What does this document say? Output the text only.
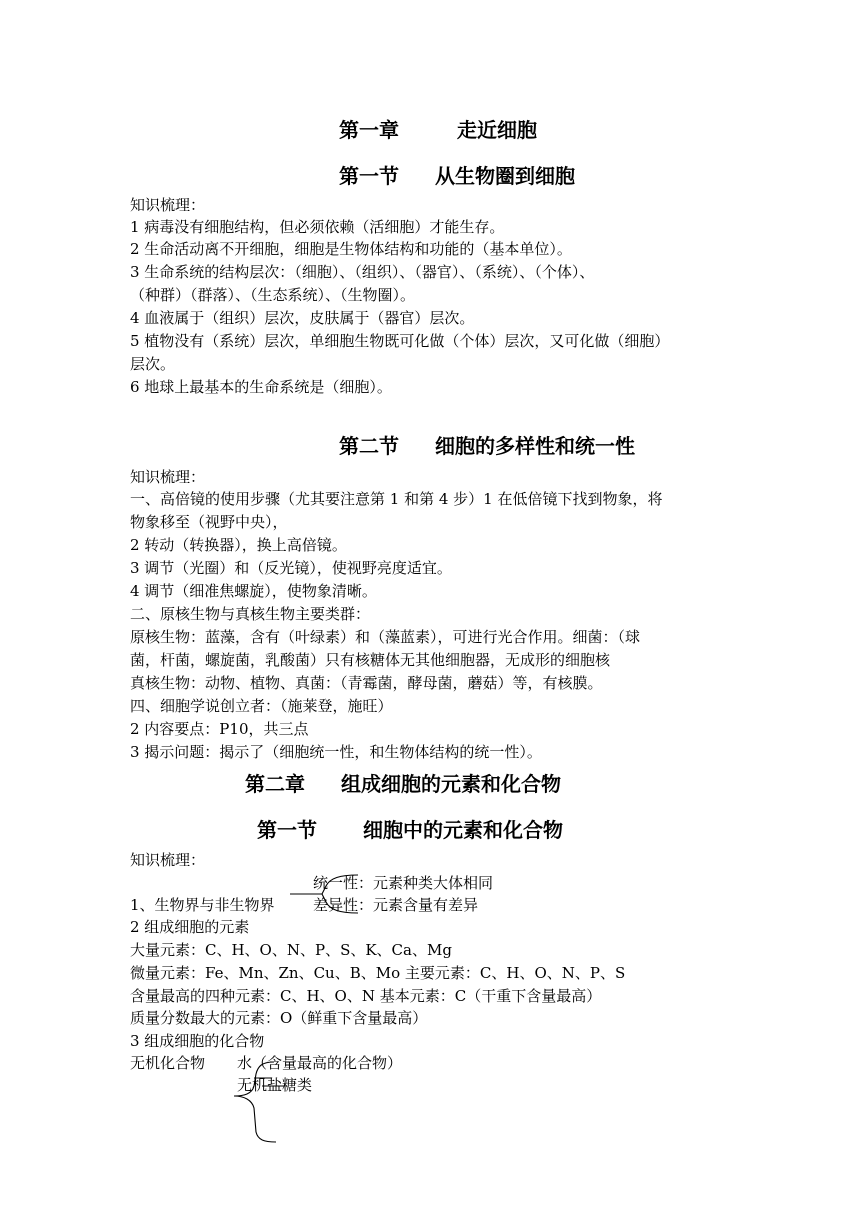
第一章	走近细胞
第一节 从生物圈到细胞
知识梳理：
1 病毒没有细胞结构，但必须依赖（活细胞）才能生存。
2 生命活动离不开细胞，细胞是生物体结构和功能的（基本单位）。
3 生命系统的结构层次：（细胞）、（组织）、（器官）、（系统）、（个体）、
（种群）（群落）、（生态系统）、（生物圈）。
4 血液属于（组织）层次，皮肤属于（器官）层次。
5 植物没有（系统）层次，单细胞生物既可化做（个体）层次，又可化做（细胞）
层次。
6 地球上最基本的生命系统是（细胞）。
第二节 细胞的多样性和统一性
知识梳理：
一、高倍镜的使用步骤（尤其要注意第 1 和第 4 步）1 在低倍镜下找到物象，将
物象移至（视野中央），
2 转动（转换器），换上高倍镜。
3 调节（光圈）和（反光镜），使视野亮度适宜。
4 调节（细准焦螺旋），使物象清晰。
二、原核生物与真核生物主要类群：
原核生物：蓝藻，含有（叶绿素）和（藻蓝素），可进行光合作用。细菌：（球
菌，杆菌，螺旋菌，乳酸菌）只有核糖体无其他细胞器，无成形的细胞核
真核生物：动物、植物、真菌：（青霉菌，酵母菌，蘑菇）等，有核膜。
四、细胞学说创立者：（施莱登，施旺）
2 内容要点：P10，共三点
3 揭示问题：揭示了（细胞统一性，和生物体结构的统一性）。
第二章 组成细胞的元素和化合物
第一节 细胞中的元素和化合物
知识梳理：
统一性：元素种类大体相同
1、生物界与非生物界	差异性：元素含量有差异
2 组成细胞的元素
大量元素：C、H、O、N、P、S、K、Ca、Mg
微量元素：Fe、Mn、Zn、Cu、B、Mo 主要元素：C、H、O、N、P、S
含量最高的四种元素：C、H、O、N 基本元素：C（干重下含量最高）
质量分数最大的元素：O（鲜重下含量最高）
3 组成细胞的化合物
无机化合物 水（含量最高的化合物）
无机盐糖类
